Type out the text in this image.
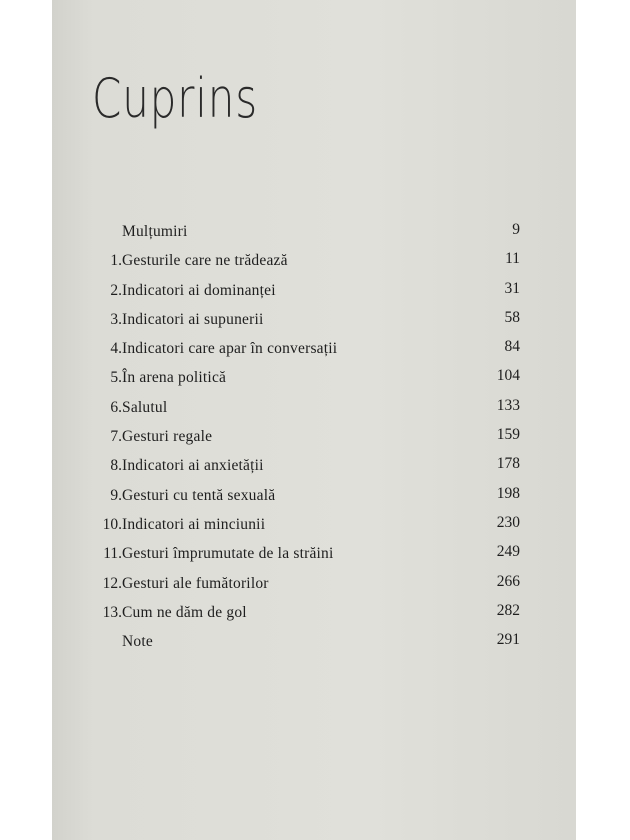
Cuprins
Mulțumiri	9
1. Gesturile care ne trădează	11
2. Indicatori ai dominanței	31
3. Indicatori ai supunerii	58
4. Indicatori care apar în conversații	84
5. În arena politică	104
6. Salutul	133
7. Gesturi regale	159
8. Indicatori ai anxietății	178
9. Gesturi cu tentă sexuală	198
10. Indicatori ai minciunii	230
11. Gesturi împrumutate de la străini	249
12. Gesturi ale fumătorilor	266
13. Cum ne dăm de gol	282
Note	291
